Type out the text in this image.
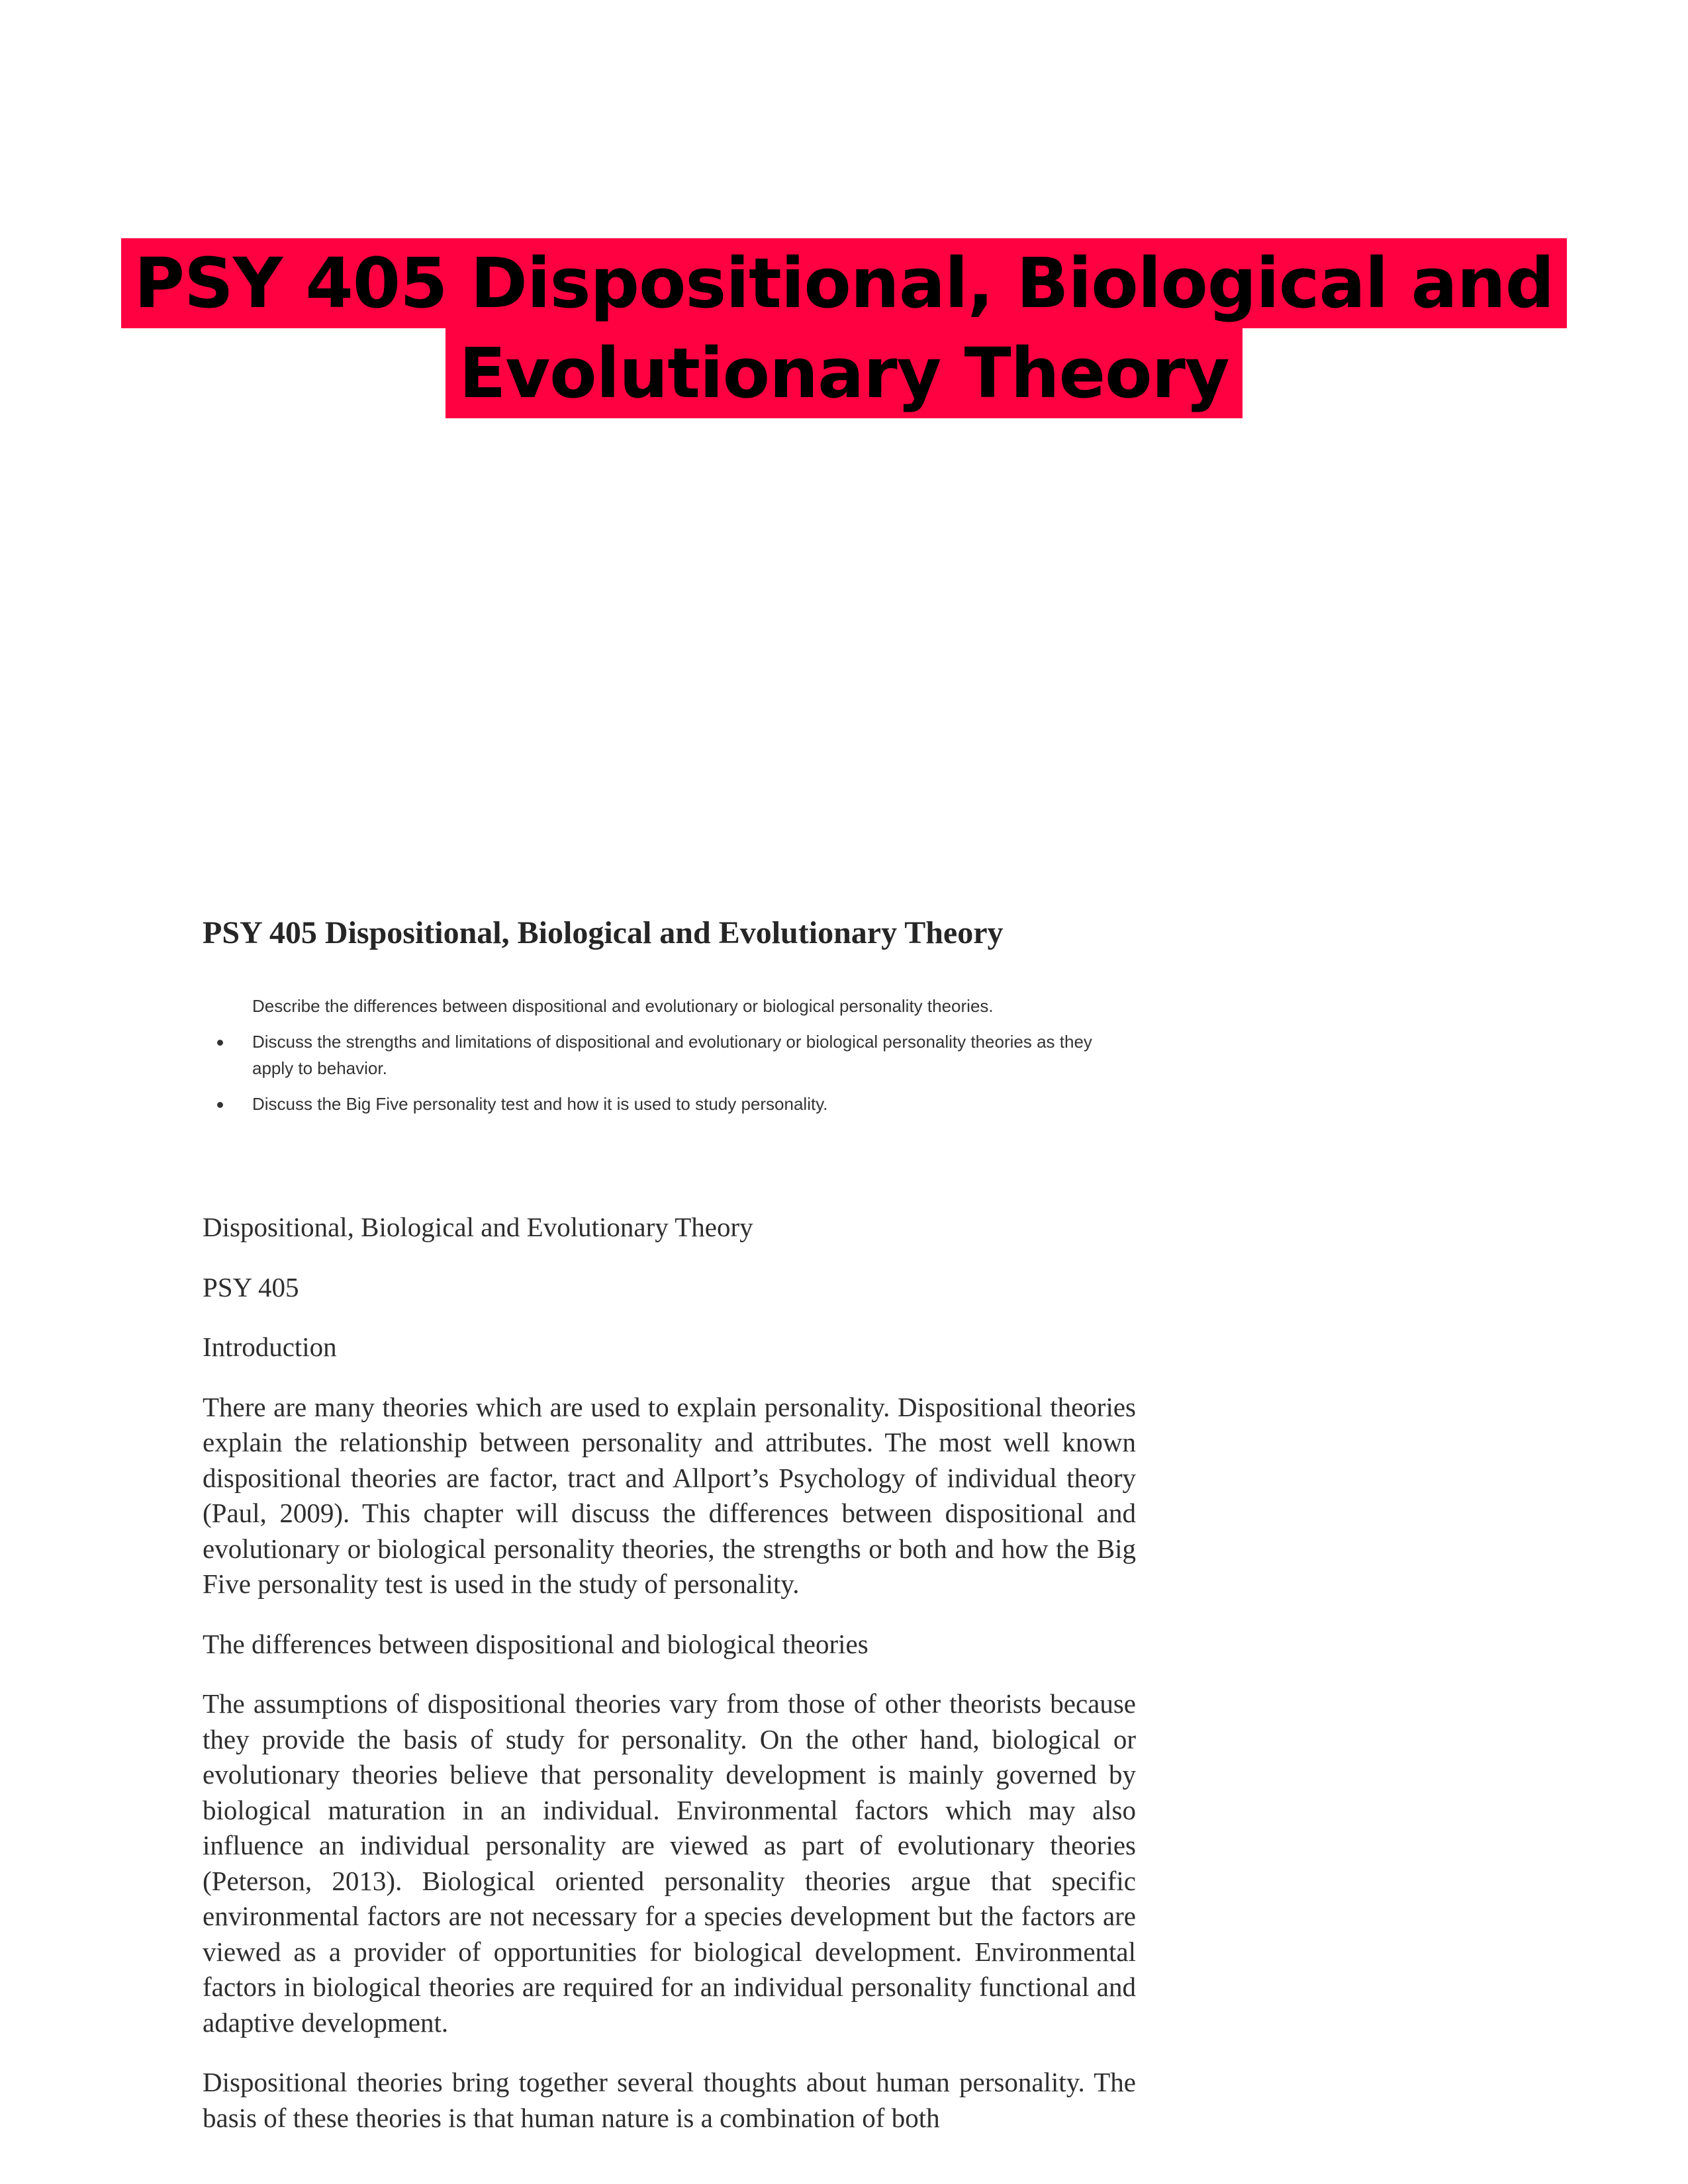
PSY 405 Dispositional, Biological and
Evolutionary Theory
PSY 405 Dispositional, Biological and Evolutionary Theory
Describe the differences between dispositional and evolutionary or biological personality theories.
Discuss the strengths and limitations of dispositional and evolutionary or biological personality theories as they apply to behavior.
Discuss the Big Five personality test and how it is used to study personality.

Dispositional, Biological and Evolutionary Theory

PSY 405

Introduction

There are many theories which are used to explain personality. Dispositional theories explain the relationship between personality and attributes. The most well known dispositional theories are factor, tract and Allport’s Psychology of individual theory (Paul, 2009). This chapter will discuss the differences between dispositional and evolutionary or biological personality theories, the strengths or both and how the Big Five personality test is used in the study of personality.

The differences between dispositional and biological theories

The assumptions of dispositional theories vary from those of other theorists because they provide the basis of study for personality. On the other hand, biological or evolutionary theories believe that personality development is mainly governed by biological maturation in an individual. Environmental factors which may also influence an individual personality are viewed as part of evolutionary theories (Peterson, 2013). Biological oriented personality theories argue that specific environmental factors are not necessary for a species development but the factors are viewed as a provider of opportunities for biological development. Environmental factors in biological theories are required for an individual personality functional and adaptive development.

Dispositional theories bring together several thoughts about human personality. The basis of these theories is that human nature is a combination of both
